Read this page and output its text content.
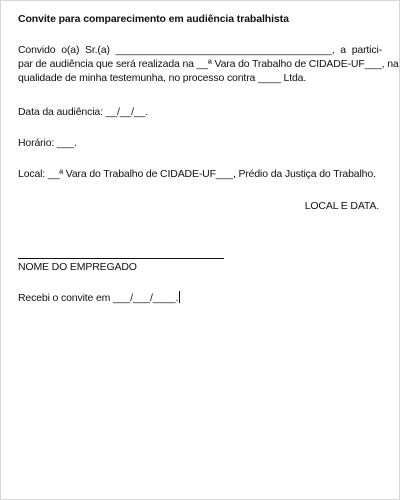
Convite para comparecimento em audiência trabalhista
Convido o(a) Sr.(a) ______________________________________, a partici-
par de audiência que será realizada na __ª Vara do Trabalho de CIDADE-UF___, na
qualidade de minha testemunha, no processo contra ____ Ltda.
Data da audiência: __/__/__.
Horário: ___.
Local: __ª Vara do Trabalho de CIDADE-UF___, Prédio da Justiça do Trabalho.
LOCAL E DATA.
NOME DO EMPREGADO
Recebi o convite em ___/___/____.
